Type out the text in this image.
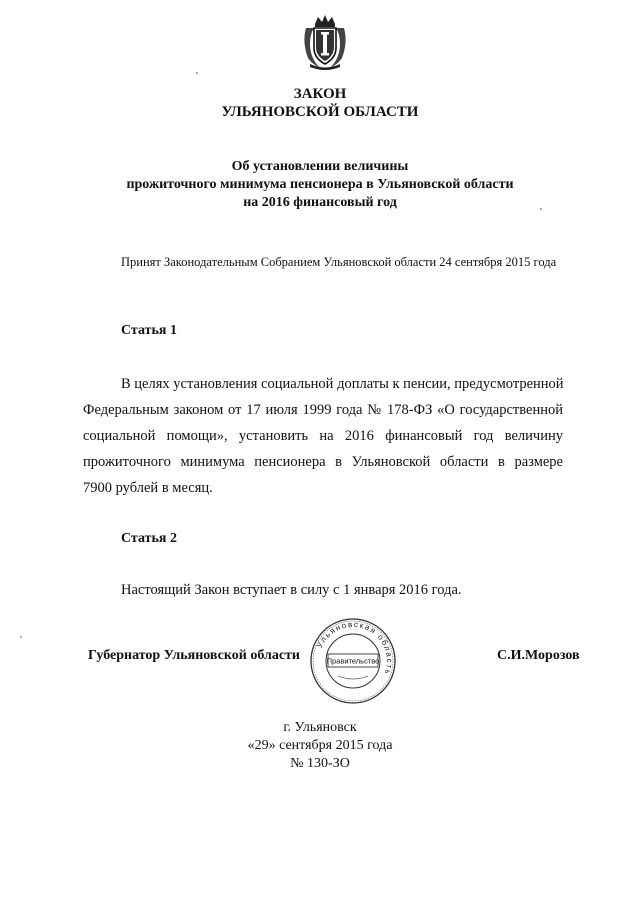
ЗАКОН
УЛЬЯНОВСКОЙ ОБЛАСТИ
Об установлении величины
прожиточного минимума пенсионера в Ульяновской области
на 2016 финансовый год
Принят Законодательным Собранием Ульяновской области 24 сентября 2015 года
Статья 1
В целях установления социальной доплаты к пенсии, предусмотренной
Федеральным законом от 17 июля 1999 года № 178-ФЗ «О государственной
социальной помощи», установить на 2016 финансовый год величину
прожиточного минимума пенсионера в Ульяновской области в размере
7900 рублей в месяц.
Статья 2
Настоящий Закон вступает в силу с 1 января 2016 года.
Губернатор Ульяновской области
Ульяновская область
Правительство	С.И.Морозов
г. Ульяновск
«29» сентября 2015 года
№ 130-ЗО
